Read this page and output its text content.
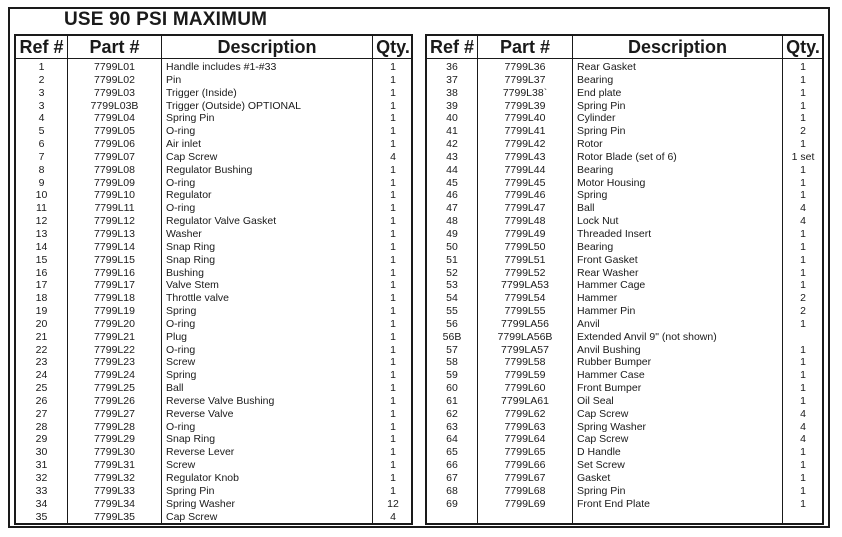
USE 90 PSI MAXIMUM
Ref #	Part #	Description	Qty.
1	7799L01	Handle includes #1-#33	1
2	7799L02	Pin	1
3	7799L03	Trigger (Inside)	1
3	7799L03B	Trigger (Outside) OPTIONAL	1
4	7799L04	Spring Pin	1
5	7799L05	O-ring	1
6	7799L06	Air inlet	1
7	7799L07	Cap Screw	4
8	7799L08	Regulator Bushing	1
9	7799L09	O-ring	1
10	7799L10	Regulator	1
11	7799L11	O-ring	1
12	7799L12	Regulator Valve Gasket	1
13	7799L13	Washer	1
14	7799L14	Snap Ring	1
15	7799L15	Snap Ring	1
16	7799L16	Bushing	1
17	7799L17	Valve Stem	1
18	7799L18	Throttle valve	1
19	7799L19	Spring	1
20	7799L20	O-ring	1
21	7799L21	Plug	1
22	7799L22	O-ring	1
23	7799L23	Screw	1
24	7799L24	Spring	1
25	7799L25	Ball	1
26	7799L26	Reverse Valve Bushing	1
27	7799L27	Reverse Valve	1
28	7799L28	O-ring	1
29	7799L29	Snap Ring	1
30	7799L30	Reverse Lever	1
31	7799L31	Screw	1
32	7799L32	Regulator Knob	1
33	7799L33	Spring Pin	1
34	7799L34	Spring Washer	12
35	7799L35	Cap Screw	4
Ref #	Part #	Description	Qty.
36	7799L36	Rear Gasket	1
37	7799L37	Bearing	1
38	7799L38`	End plate	1
39	7799L39	Spring Pin	1
40	7799L40	Cylinder	1
41	7799L41	Spring Pin	2
42	7799L42	Rotor	1
43	7799L43	Rotor Blade (set of 6)	1 set
44	7799L44	Bearing	1
45	7799L45	Motor Housing	1
46	7799L46	Spring	1
47	7799L47	Ball	4
48	7799L48	Lock Nut	4
49	7799L49	Threaded Insert	1
50	7799L50	Bearing	1
51	7799L51	Front Gasket	1
52	7799L52	Rear Washer	1
53	7799LA53	Hammer Cage	1
54	7799L54	Hammer	2
55	7799L55	Hammer Pin	2
56	7799LA56	Anvil	1
56B	7799LA56B	Extended Anvil 9" (not shown)
57	7799LA57	Anvil Bushing	1
58	7799L58	Rubber Bumper	1
59	7799L59	Hammer Case	1
60	7799L60	Front Bumper	1
61	7799LA61	Oil Seal	1
62	7799L62	Cap Screw	4
63	7799L63	Spring Washer	4
64	7799L64	Cap Screw	4
65	7799L65	D Handle	1
66	7799L66	Set Screw	1
67	7799L67	Gasket	1
68	7799L68	Spring Pin	1
69	7799L69	Front End Plate	1
